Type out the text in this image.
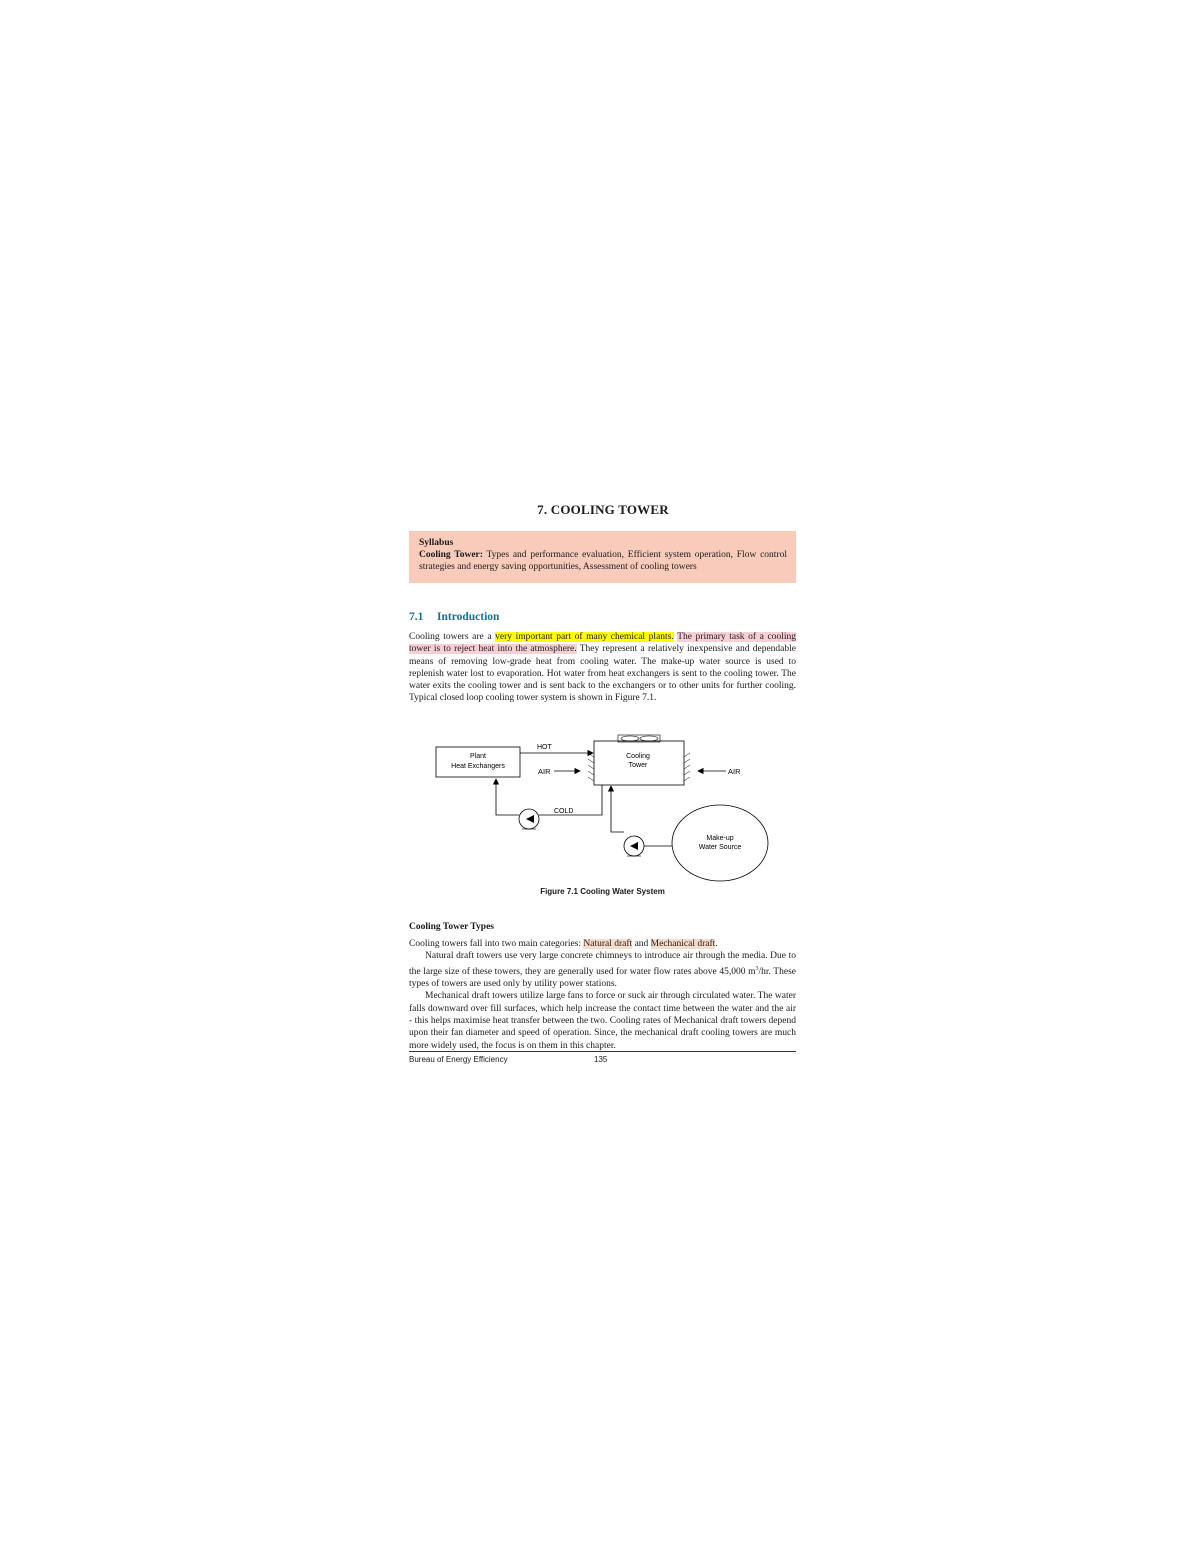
7. COOLING TOWER
Syllabus
Cooling Tower: Types and performance evaluation, Efficient system operation, Flow control strategies and energy saving opportunities, Assessment of cooling towers
7.1 Introduction
Cooling towers are a very important part of many chemical plants. The primary task of a cooling tower is to reject heat into the atmosphere. They represent a relatively inexpensive and dependable means of removing low-grade heat from cooling water. The make-up water source is used to replenish water lost to evaporation. Hot water from heat exchangers is sent to the cooling tower. The water exits the cooling tower and is sent back to the exchangers or to other units for further cooling. Typical closed loop cooling tower system is shown in Figure 7.1.
Plant
Heat Exchangers
Cooling
Tower
HOT
AIR	AIR
COLD
Make-up
Water Source
Figure 7.1 Cooling Water System
Cooling Tower Types
Cooling towers fall into two main categories: Natural draft and Mechanical draft.
Natural draft towers use very large concrete chimneys to introduce air through the media. Due to the large size of these towers, they are generally used for water flow rates above 45,000 $m^3/hr$. These types of towers are used only by utility power stations.
Mechanical draft towers utilize large fans to force or suck air through circulated water. The water falls downward over fill surfaces, which help increase the contact time between the water and the air - this helps maximise heat transfer between the two. Cooling rates of Mechanical draft towers depend upon their fan diameter and speed of operation. Since, the mechanical draft cooling towers are much more widely used, the focus is on them in this chapter.
Bureau of Energy Efficiency	135
